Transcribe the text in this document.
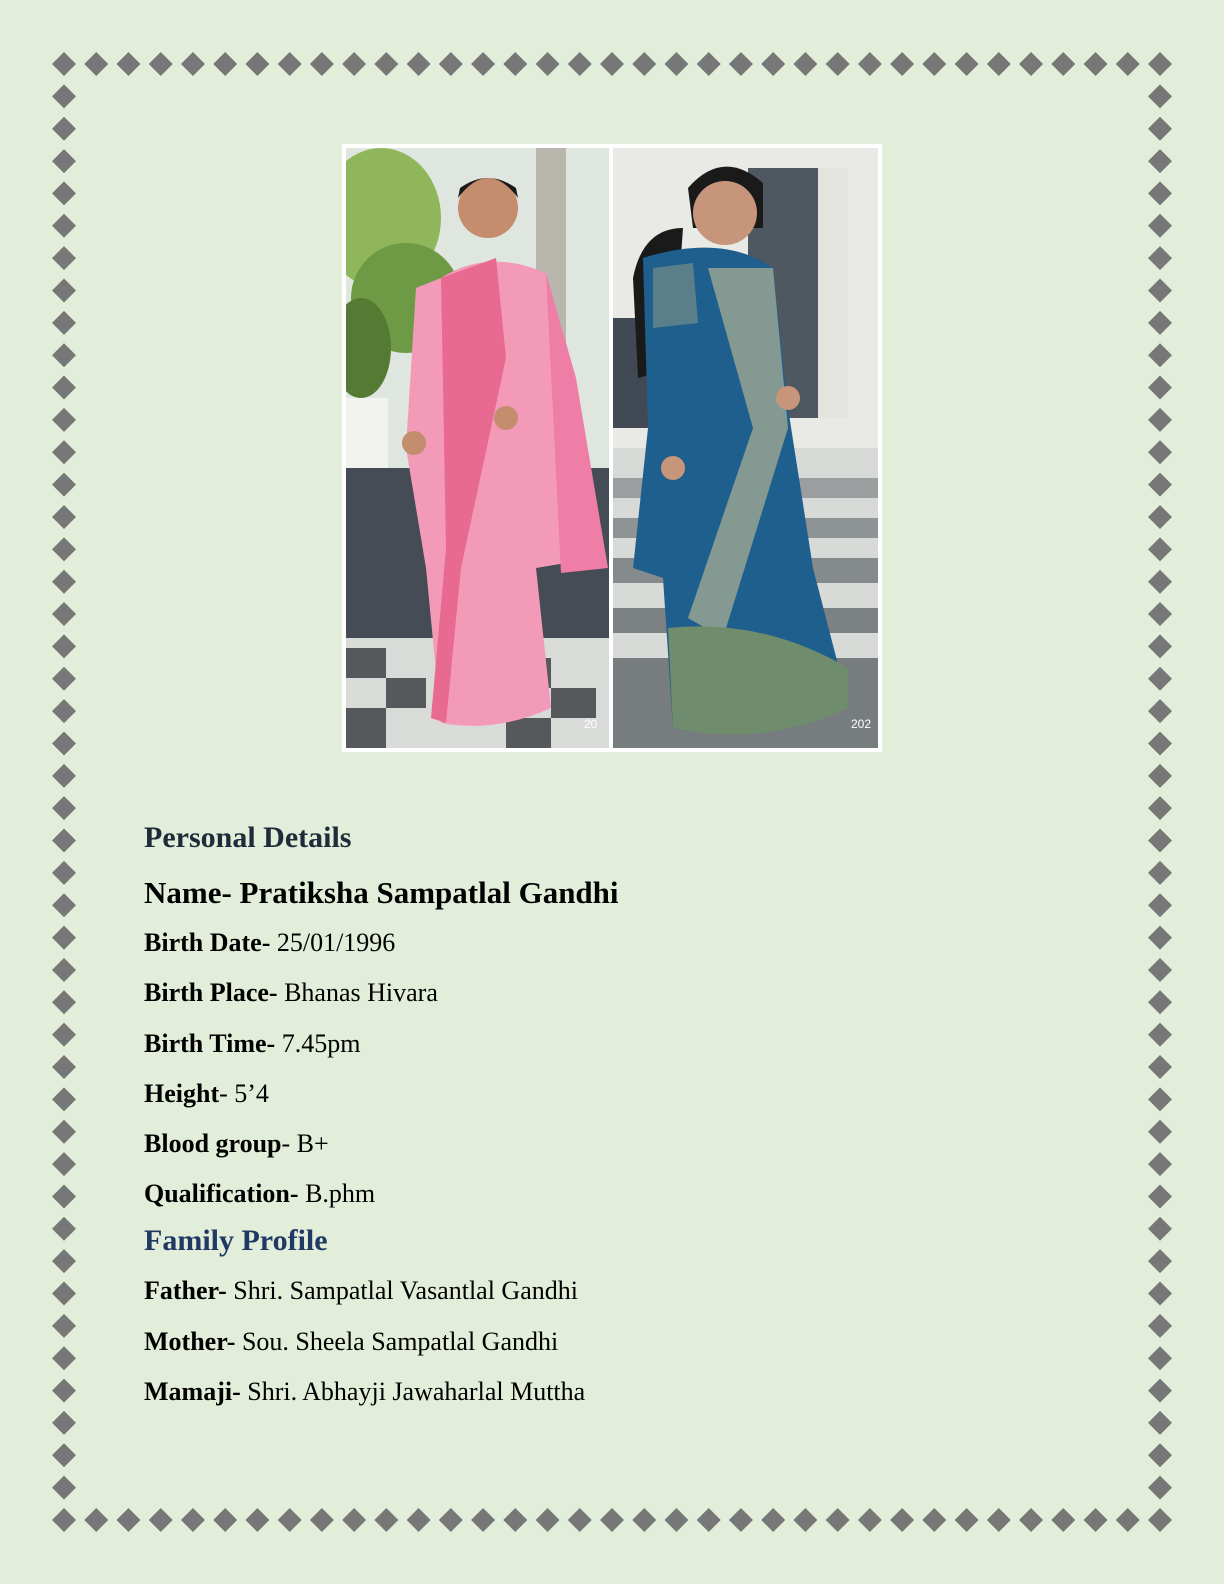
20	202

Personal Details

Name- Pratiksha Sampatlal Gandhi

Birth Date- 25/01/1996

Birth Place- Bhanas Hivara

Birth Time- 7.45pm

Height- 5’4

Blood group- B+

Qualification- B.phm

Family Profile

Father- Shri. Sampatlal Vasantlal Gandhi

Mother- Sou. Sheela Sampatlal Gandhi

Mamaji- Shri. Abhayji Jawaharlal Muttha
